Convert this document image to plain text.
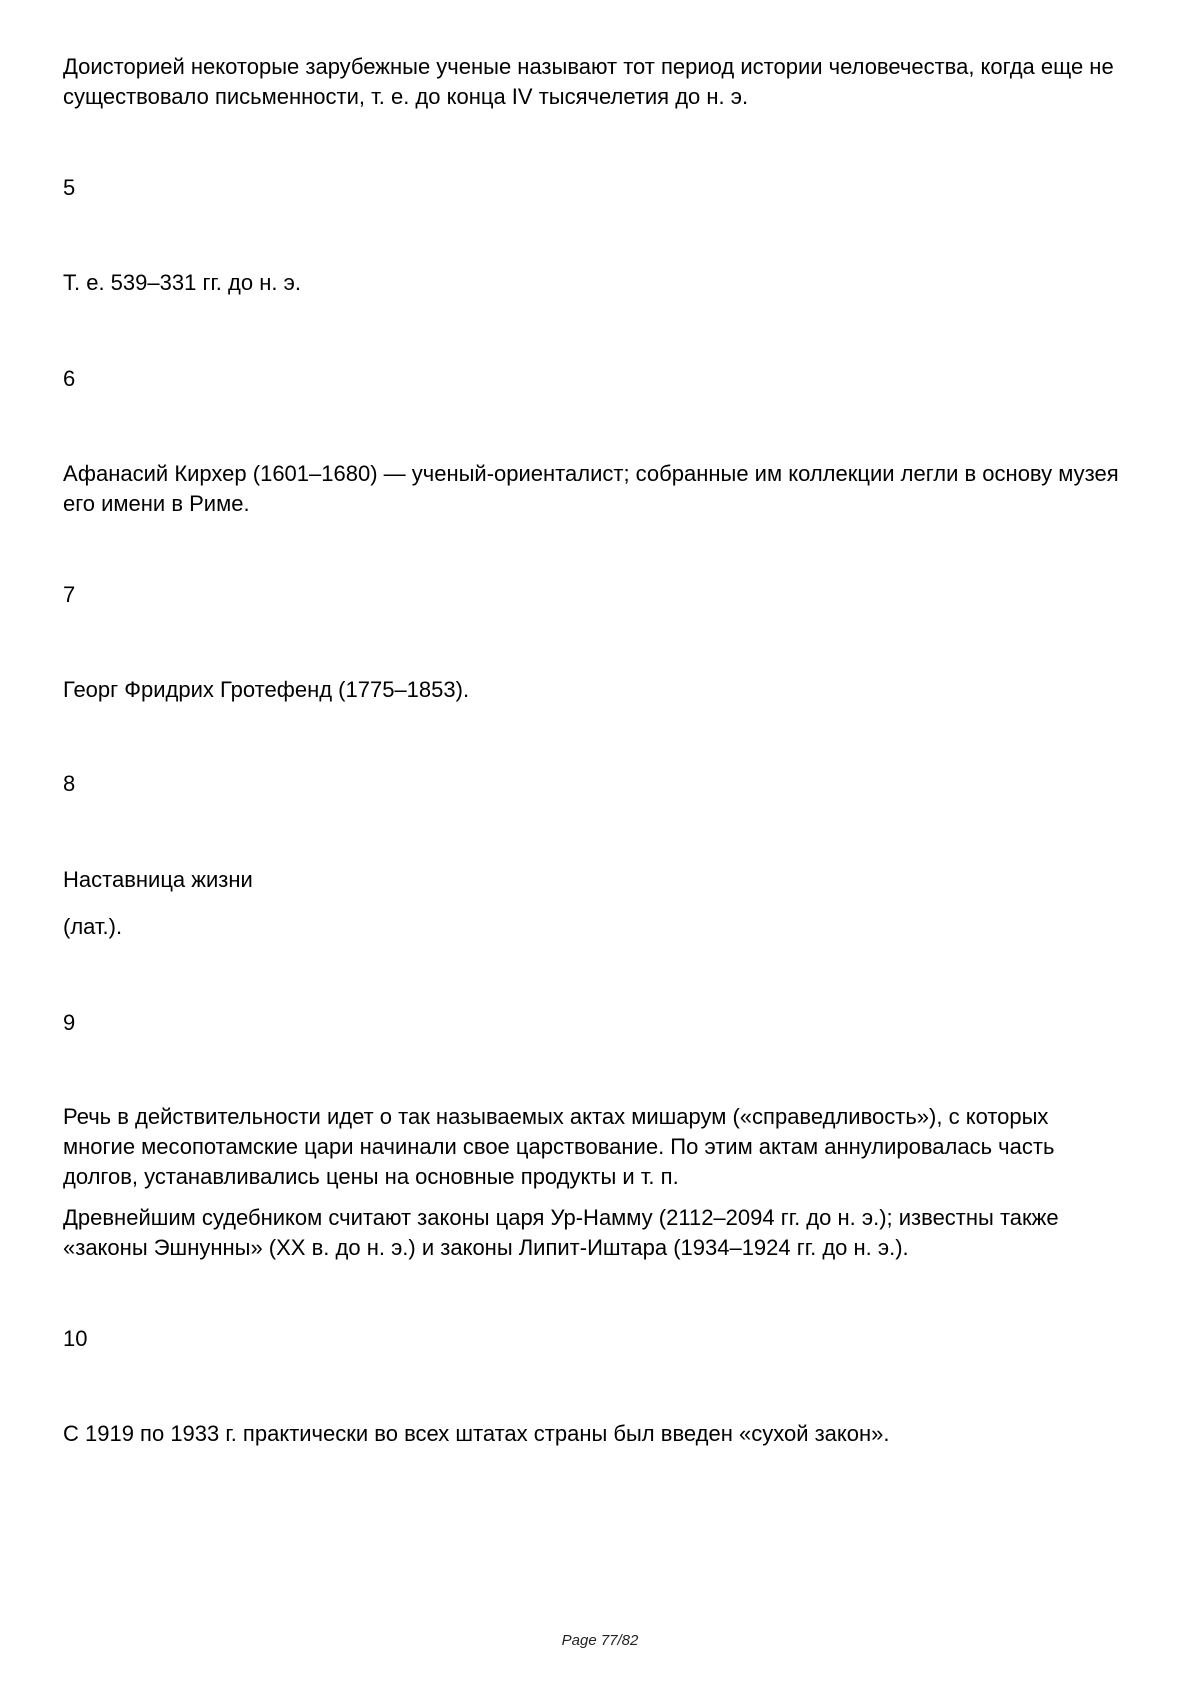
Доисторией некоторые зарубежные ученые называют тот период истории человечества, когда еще не существовало письменности, т. е. до конца IV тысячелетия до н. э.

5

Т. е. 539–331 гг. до н. э.

6

Афанасий Кирхер (1601–1680) — ученый-ориенталист; собранные им коллекции легли в основу музея его имени в Риме.

7

Георг Фридрих Гротефенд (1775–1853).

8

Наставница жизни

(лат.).

9

Речь в действительности идет о так называемых актах мишарум («справедливость»), с которых многие месопотамские цари начинали свое царствование. По этим актам аннулировалась часть долгов, устанавливались цены на основные продукты и т. п.

Древнейшим судебником считают законы царя Ур-Намму (2112–2094 гг. до н. э.); известны также «законы Эшнунны» (XX в. до н. э.) и законы Липит-Иштара (1934–1924 гг. до н. э.).

10

С 1919 по 1933 г. практически во всех штатах страны был введен «сухой закон».

Page 77/82
